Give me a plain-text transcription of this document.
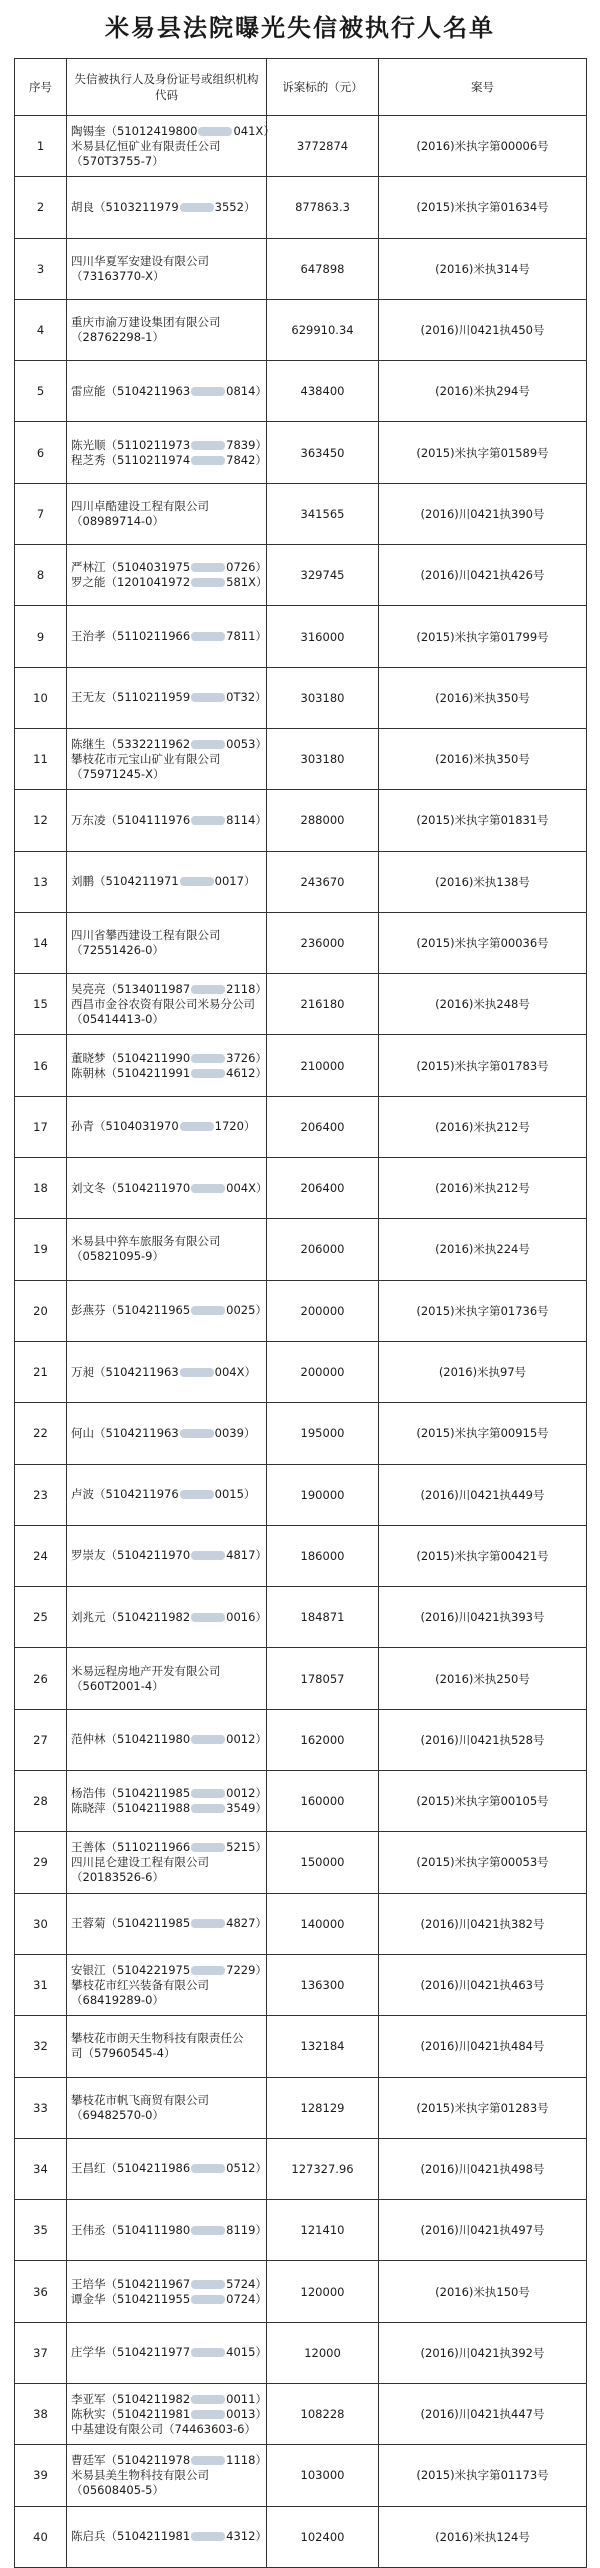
米易县法院曝光失信被执行人名单
序号	失信被执行人及身份证号或组织机构代码	诉案标的（元）	案号
1	陶锡奎（51012419800 041X）
米易县亿恒矿业有限责任公司
（570T3755-7）	3772874	(2016)米执字第00006号
2	胡良（5103211979 3552）	877863.3	(2015)米执字第01634号
3	四川华夏军安建设有限公司
（73163770-X）	647898	(2016)米执314号
4	重庆市渝万建设集团有限公司
（28762298-1）	629910.34	(2016)川0421执450号
5	雷应能（5104211963 0814）	438400	(2016)米执294号
6	陈光顺（5110211973 7839）
程芝秀（5110211974 7842）	363450	(2015)米执字第01589号
7	四川卓酷建设工程有限公司
（08989714-0）	341565	(2016)川0421执390号
8	严林江（5104031975 0726）
罗之能（1201041972 581X）	329745	(2016)川0421执426号
9	王治孝（5110211966 7811）	316000	(2015)米执字第01799号
10	王无友（5110211959 0T32）	303180	(2016)米执350号
11	陈继生（5332211962 0053）
攀枝花市元宝山矿业有限公司
（75971245-X）	303180	(2016)米执350号
12	万东凌（5104111976 8114）	288000	(2015)米执字第01831号
13	刘鹏（5104211971 0017）	243670	(2016)米执138号
14	四川省攀西建设工程有限公司
（72551426-0）	236000	(2015)米执字第00036号
15	吴亮亮（5134011987 2118）
西昌市金谷农资有限公司米易分公司
（05414413-0）	216180	(2016)米执248号
16	董晓梦（5104211990 3726）
陈朝林（5104211991 4612）	210000	(2015)米执字第01783号
17	孙青（5104031970 1720）	206400	(2016)米执212号
18	刘文冬（5104211970 004X）	206400	(2016)米执212号
19	米易县中猝车旅服务有限公司
（05821095-9）	206000	(2016)米执224号
20	彭燕芬（5104211965 0025）	200000	(2015)米执字第01736号
21	万昶（5104211963 004X）	200000	(2016)米执97号
22	何山（5104211963 0039）	195000	(2015)米执字第00915号
23	卢波（5104211976 0015）	190000	(2016)川0421执449号
24	罗崇友（5104211970 4817）	186000	(2015)米执字第00421号
25	刘兆元（5104211982 0016）	184871	(2016)川0421执393号
26	米易远程房地产开发有限公司
（560T2001-4）	178057	(2016)米执250号
27	范仲林（5104211980 0012）	162000	(2016)川0421执528号
28	杨浩伟（5104211985 0012）
陈晓萍（5104211988 3549）	160000	(2015)米执字第00105号
29	王善体（5110211966 5215）
四川昆仑建设工程有限公司
（20183526-6）	150000	(2015)米执字第00053号
30	王蓉菊（5104211985 4827）	140000	(2016)川0421执382号
31	安银江（5104221975 7229）
攀枝花市红兴装备有限公司
（68419289-0）	136300	(2016)川0421执463号
32	攀枝花市朗天生物科技有限责任公
司（57960545-4）	132184	(2016)川0421执484号
33	攀枝花市帆飞商贸有限公司
（69482570-0）	128129	(2015)米执字第01283号
34	王昌红（5104211986 0512）	127327.96	(2016)川0421执498号
35	王伟丞（5104111980 8119）	121410	(2016)川0421执497号
36	王培华（5104211967 5724）
谭金华（5104211955 0724）	120000	(2016)米执150号
37	庄学华（5104211977 4015）	12000	(2016)川0421执392号
38	李亚军（5104211982 0011）
陈秋实（5104211981 0013）
中基建设有限公司（74463603-6）	108228	(2016)川0421执447号
39	曹廷军（5104211978 1118）
米易县美生物科技有限公司
（05608405-5）	103000	(2015)米执字第01173号
40	陈启兵（5104211981 4312）	102400	(2016)米执124号
